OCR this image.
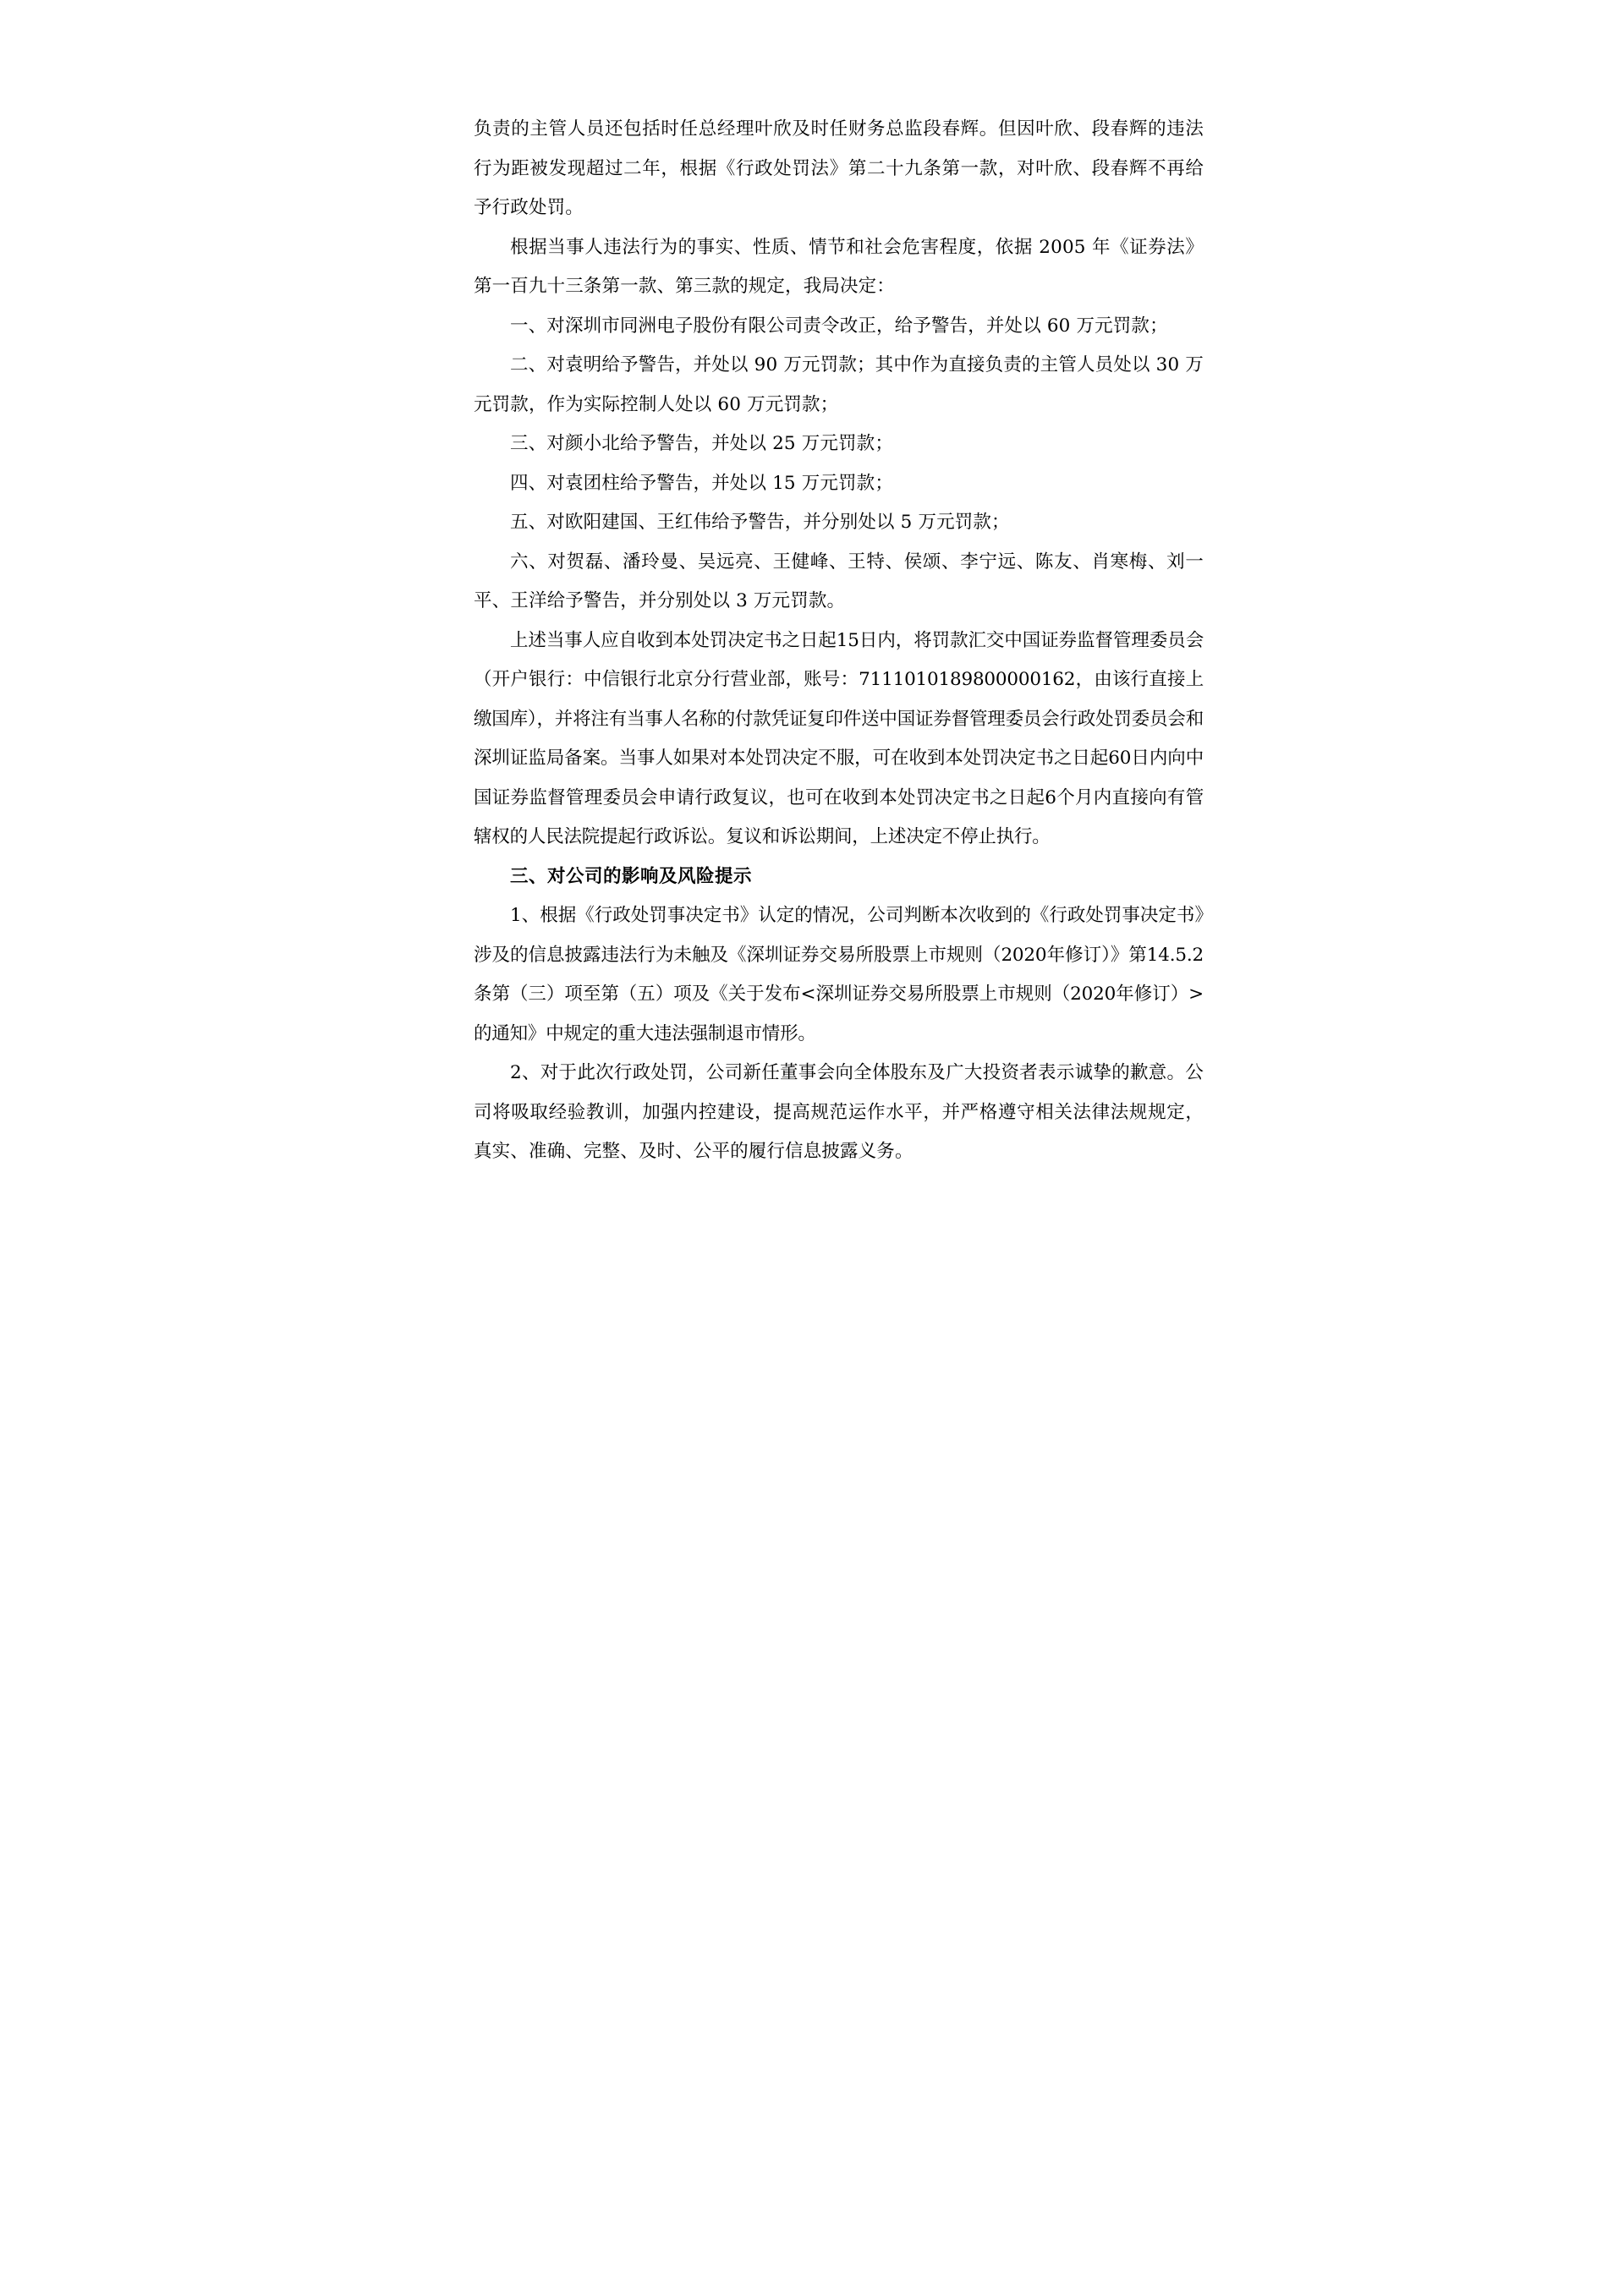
负责的主管人员还包括时任总经理叶欣及时任财务总监段春辉。但因叶欣、段春辉的违法行为距被发现超过二年，根据《行政处罚法》第二十九条第一款，对叶欣、段春辉不再给予行政处罚。

根据当事人违法行为的事实、性质、情节和社会危害程度，依据 2005 年《证券法》第一百九十三条第一款、第三款的规定，我局决定：

一、对深圳市同洲电子股份有限公司责令改正，给予警告，并处以 60 万元罚款；

二、对袁明给予警告，并处以 90 万元罚款；其中作为直接负责的主管人员处以 30 万元罚款，作为实际控制人处以 60 万元罚款；

三、对颜小北给予警告，并处以 25 万元罚款；

四、对袁团柱给予警告，并处以 15 万元罚款；

五、对欧阳建国、王红伟给予警告，并分别处以 5 万元罚款；

六、对贺磊、潘玲曼、吴远亮、王健峰、王特、侯颂、李宁远、陈友、肖寒梅、刘一平、王洋给予警告，并分别处以 3 万元罚款。

上述当事人应自收到本处罚决定书之日起15日内，将罚款汇交中国证券监督管理委员会（开户银行：中信银行北京分行营业部，账号：7111010189800000162，由该行直接上缴国库），并将注有当事人名称的付款凭证复印件送中国证券督管理委员会行政处罚委员会和深圳证监局备案。当事人如果对本处罚决定不服，可在收到本处罚决定书之日起60日内向中国证券监督管理委员会申请行政复议，也可在收到本处罚决定书之日起6个月内直接向有管辖权的人民法院提起行政诉讼。复议和诉讼期间，上述决定不停止执行。

三、对公司的影响及风险提示

1、根据《行政处罚事决定书》认定的情况，公司判断本次收到的《行政处罚事决定书》涉及的信息披露违法行为未触及《深圳证券交易所股票上市规则（2020年修订）》第14.5.2条第（三）项至第（五）项及《关于发布<深圳证券交易所股票上市规则（2020年修订）>的通知》中规定的重大违法强制退市情形。

2、对于此次行政处罚，公司新任董事会向全体股东及广大投资者表示诚挚的歉意。公司将吸取经验教训，加强内控建设，提高规范运作水平，并严格遵守相关法律法规规定，真实、准确、完整、及时、公平的履行信息披露义务。
